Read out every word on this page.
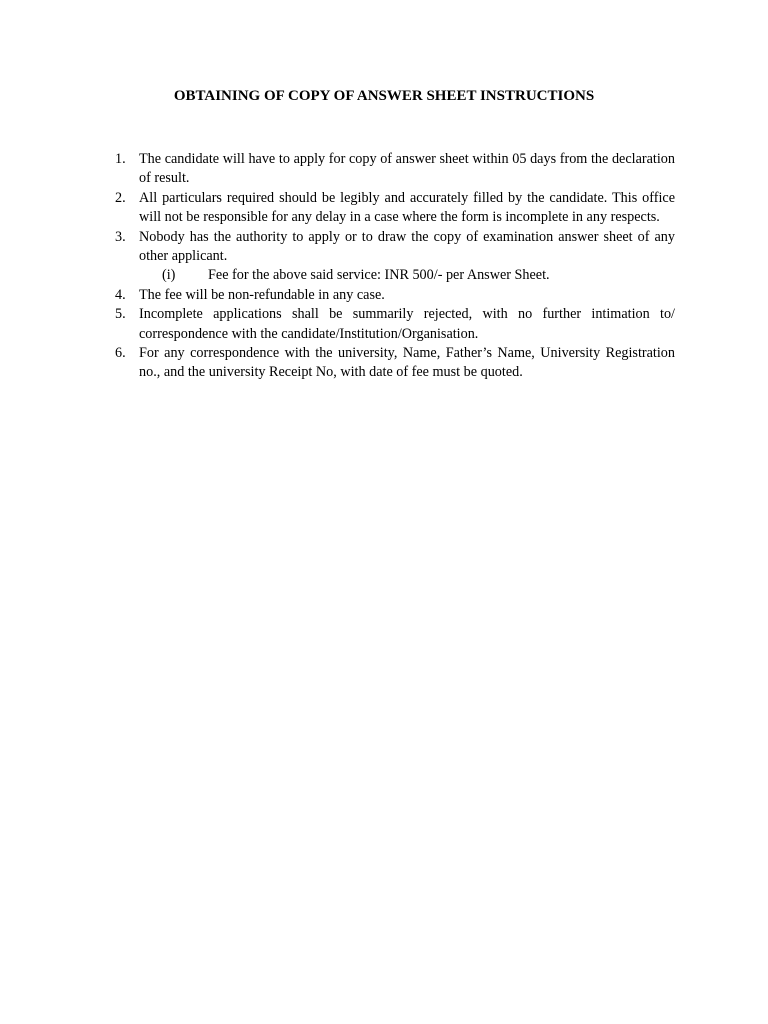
OBTAINING OF COPY OF ANSWER SHEET INSTRUCTIONS
1. The candidate will have to apply for copy of answer sheet within 05 days from the declaration of result.
2. All particulars required should be legibly and accurately filled by the candidate. This office will not be responsible for any delay in a case where the form is incomplete in any respects.
3. Nobody has the authority to apply or to draw the copy of examination answer sheet of any other applicant.
(i) Fee for the above said service: INR 500/- per Answer Sheet.
4. The fee will be non-refundable in any case.
5. Incomplete applications shall be summarily rejected, with no further intimation to/ correspondence with the candidate/Institution/Organisation.
6. For any correspondence with the university, Name, Father’s Name, University Registration no., and the university Receipt No, with date of fee must be quoted.
